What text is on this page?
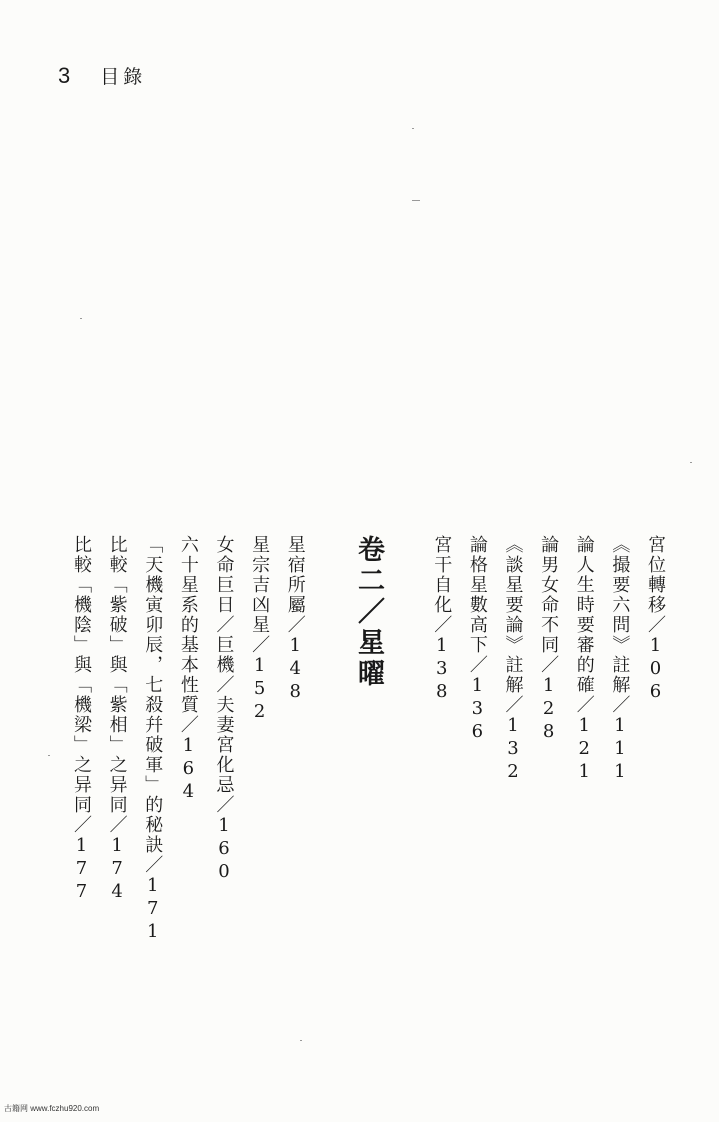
3 目錄
宮位轉移／106
《撮要六問》註解／111
論人生時要審的確／121
論男女命不同／128
《談星要論》註解／132
論格星數高下／136
宮干自化／138
卷二／星曜
星宿所屬／148
星宗吉凶星／152
女命巨日／巨機／夫妻宮化忌／160
六十星系的基本性質／164
「天機寅卯辰，七殺幷破軍」的秘訣／171
比較「紫破」與「紫相」之异同／174
比較「機陰」與「機梁」之异同／177
古籍网 www.fczhu920.com
